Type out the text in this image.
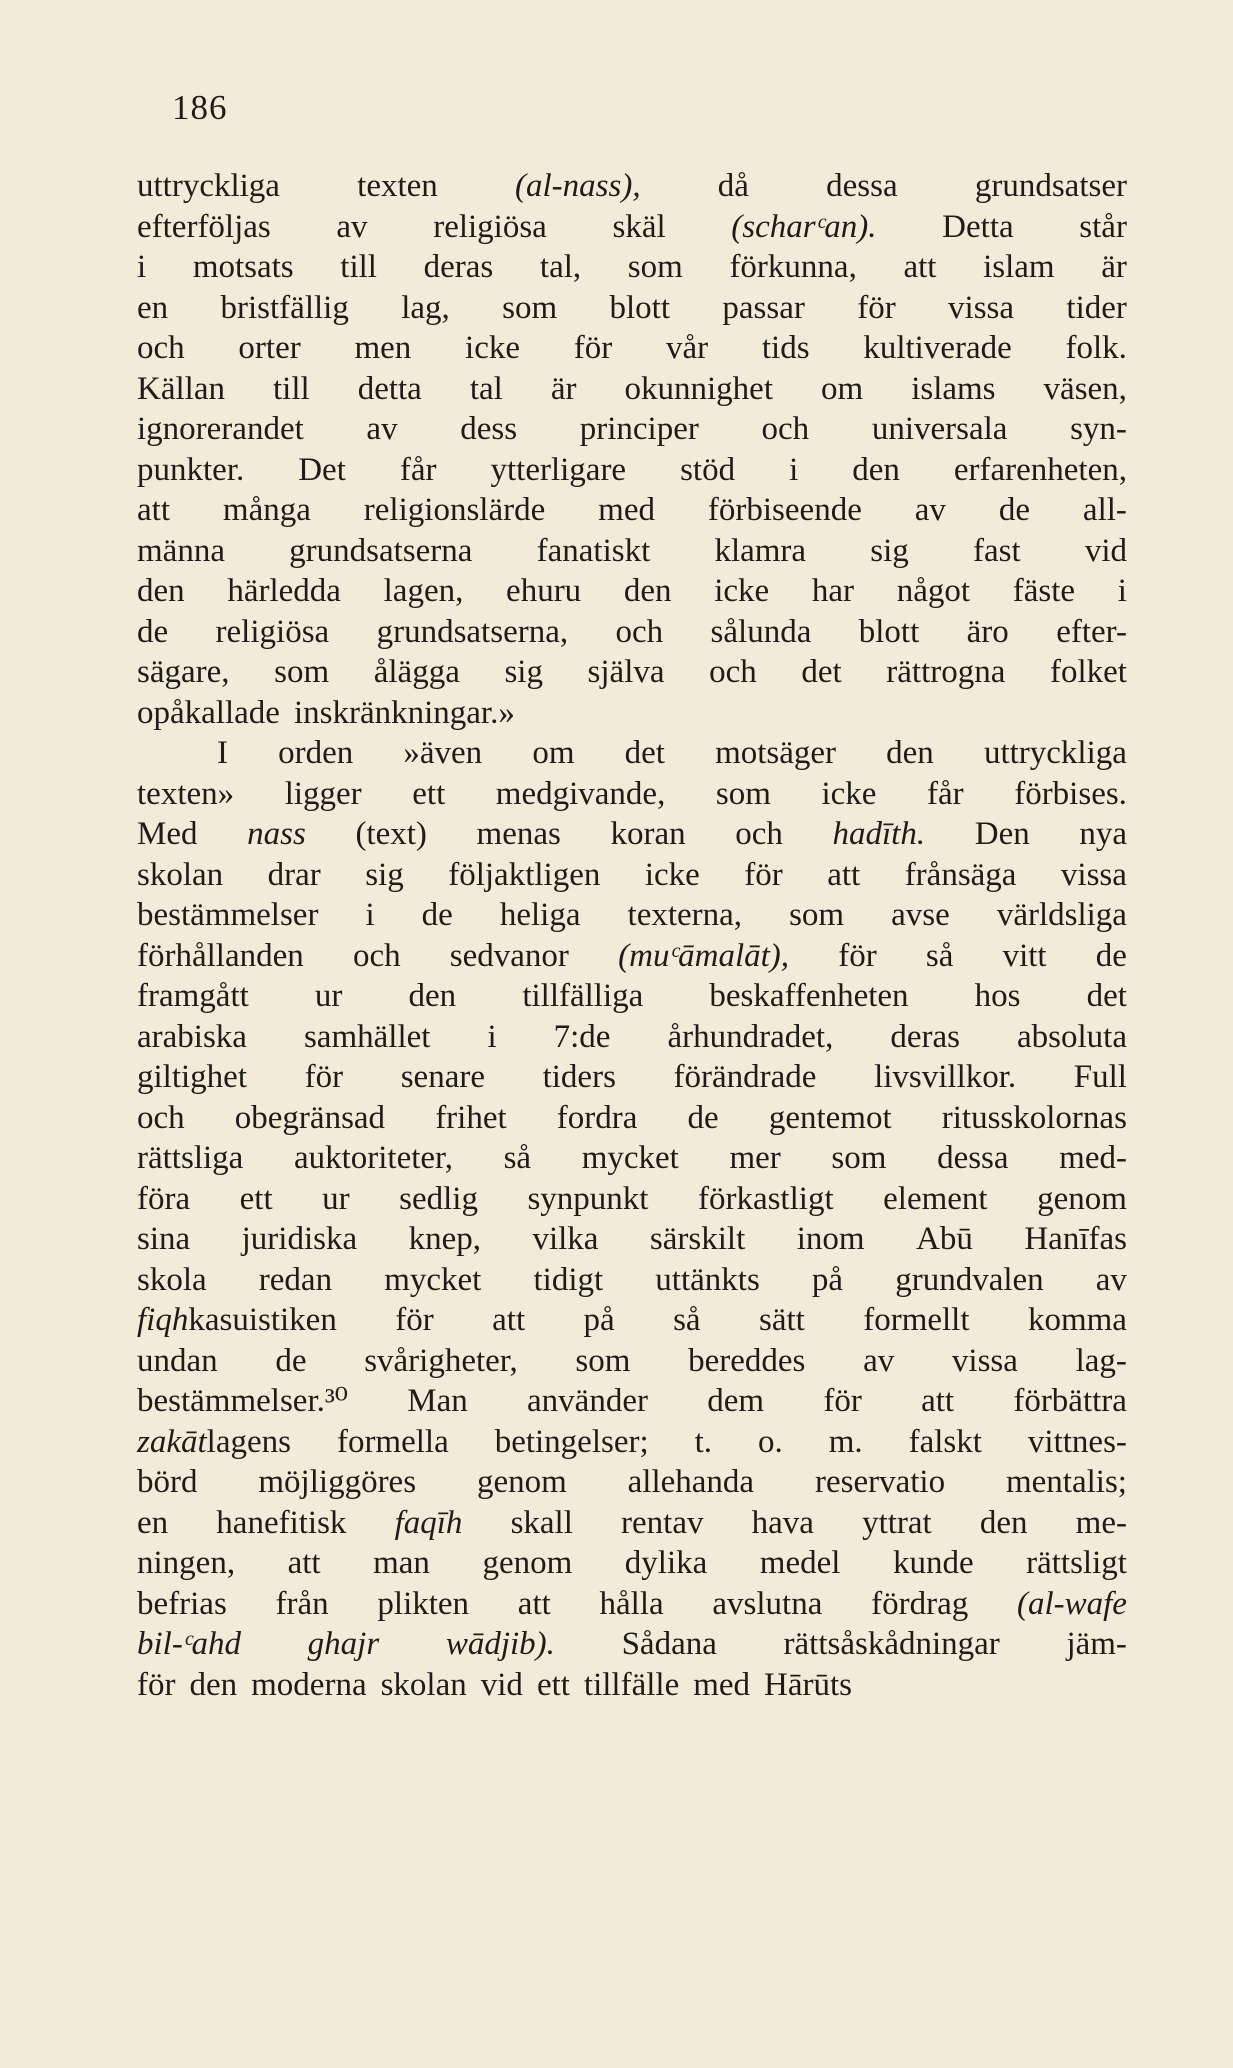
186
uttryckliga texten (al-nass), då dessa grundsatser
efterföljas av religiösa skäl (scharᶜan). Detta står
i motsats till deras tal, som förkunna, att islam är
en bristfällig lag, som blott passar för vissa tider
och orter men icke för vår tids kultiverade folk.
Källan till detta tal är okunnighet om islams väsen,
ignorerandet av dess principer och universala syn-
punkter. Det får ytterligare stöd i den erfarenheten,
att många religionslärde med förbiseende av de all-
männa grundsatserna fanatiskt klamra sig fast vid
den härledda lagen, ehuru den icke har något fäste i
de religiösa grundsatserna, och sålunda blott äro efter-
sägare, som ålägga sig själva och det rättrogna folket
opåkallade inskränkningar.»
I orden »även om det motsäger den uttryckliga
texten» ligger ett medgivande, som icke får förbises.
Med nass (text) menas koran och hadīth. Den nya
skolan drar sig följaktligen icke för att frånsäga vissa
bestämmelser i de heliga texterna, som avse världsliga
förhållanden och sedvanor (muᶜāmalāt), för så vitt de
framgått ur den tillfälliga beskaffenheten hos det
arabiska samhället i 7:de århundradet, deras absoluta
giltighet för senare tiders förändrade livsvillkor. Full
och obegränsad frihet fordra de gentemot ritusskolornas
rättsliga auktoriteter, så mycket mer som dessa med-
föra ett ur sedlig synpunkt förkastligt element genom
sina juridiska knep, vilka särskilt inom Abū Hanīfas
skola redan mycket tidigt uttänkts på grundvalen av
fiqhkasuistiken för att på så sätt formellt komma
undan de svårigheter, som bereddes av vissa lag-
bestämmelser.³⁰ Man använder dem för att förbättra
zakātlagens formella betingelser; t. o. m. falskt vittnes-
börd möjliggöres genom allehanda reservatio mentalis;
en hanefitisk faqīh skall rentav hava yttrat den me-
ningen, att man genom dylika medel kunde rättsligt
befrias från plikten att hålla avslutna fördrag (al-wafe
bil-ᶜahd ghajr wādjib). Sådana rättsåskådningar jäm-
för den moderna skolan vid ett tillfälle med Hārūts
